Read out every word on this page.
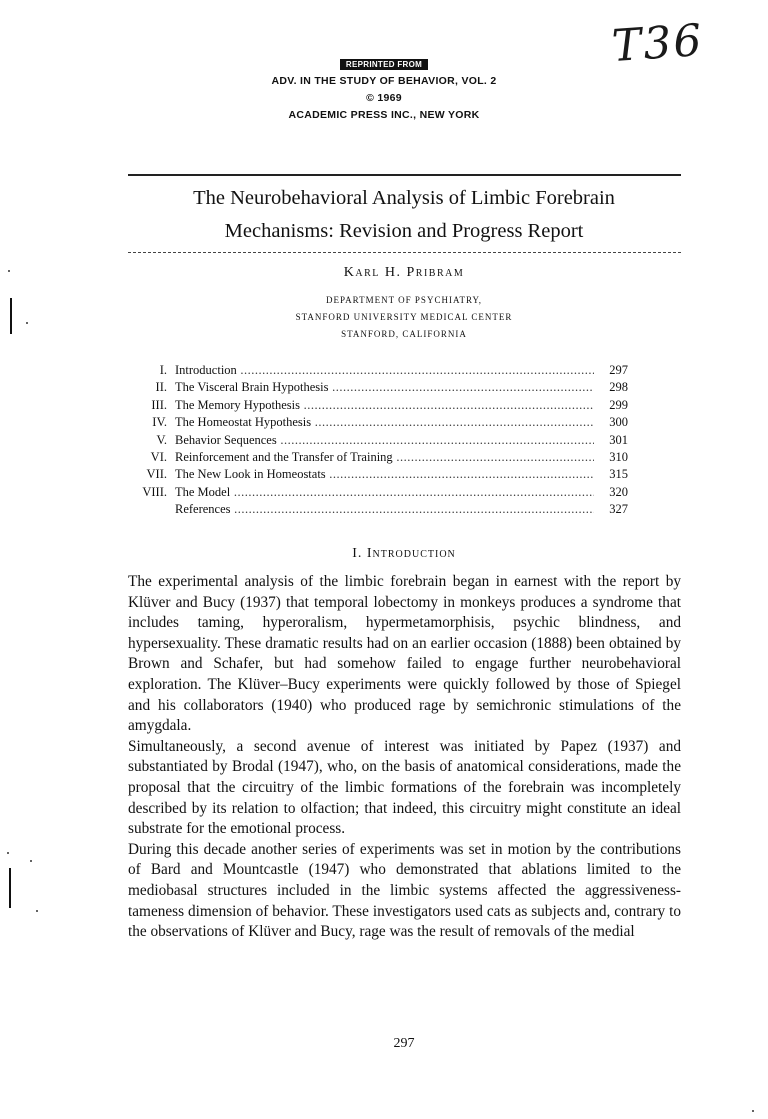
T36
REPRINTED FROM
ADV. IN THE STUDY OF BEHAVIOR, VOL. 2
© 1969
ACADEMIC PRESS INC., NEW YORK
The Neurobehavioral Analysis of Limbic Forebrain
Mechanisms: Revision and Progress Report
Karl H. Pribram
DEPARTMENT OF PSYCHIATRY,
STANFORD UNIVERSITY MEDICAL CENTER
STANFORD, CALIFORNIA
I. Introduction .....	297
II. The Visceral Brain Hypothesis .....	298
III. The Memory Hypothesis .....	299
IV. The Homeostat Hypothesis .....	300
V. Behavior Sequences .....	301
VI. Reinforcement and the Transfer of Training .....	310
VII. The New Look in Homeostats .....	315
VIII. The Model .....	320
References .....	327
I. Introduction

The experimental analysis of the limbic forebrain began in earnest with the report by Klüver and Bucy (1937) that temporal lobectomy in monkeys produces a syndrome that includes taming, hyperoralism, hypermetamorphisis, psychic blindness, and hypersexuality. These dramatic results had on an earlier occasion (1888) been obtained by Brown and Schafer, but had somehow failed to engage further neurobehavioral exploration. The Klüver–Bucy experiments were quickly followed by those of Spiegel and his collaborators (1940) who produced rage by semichronic stimulations of the amygdala.

Simultaneously, a second avenue of interest was initiated by Papez (1937) and substantiated by Brodal (1947), who, on the basis of anatomical considerations, made the proposal that the circuitry of the limbic formations of the forebrain was incompletely described by its relation to olfaction; that indeed, this circuitry might constitute an ideal substrate for the emotional process.

During this decade another series of experiments was set in motion by the contributions of Bard and Mountcastle (1947) who demonstrated that ablations limited to the mediobasal structures included in the limbic systems affected the aggressiveness-tameness dimension of behavior. These investigators used cats as subjects and, contrary to the observations of Klüver and Bucy, rage was the result of removals of the medial

297
